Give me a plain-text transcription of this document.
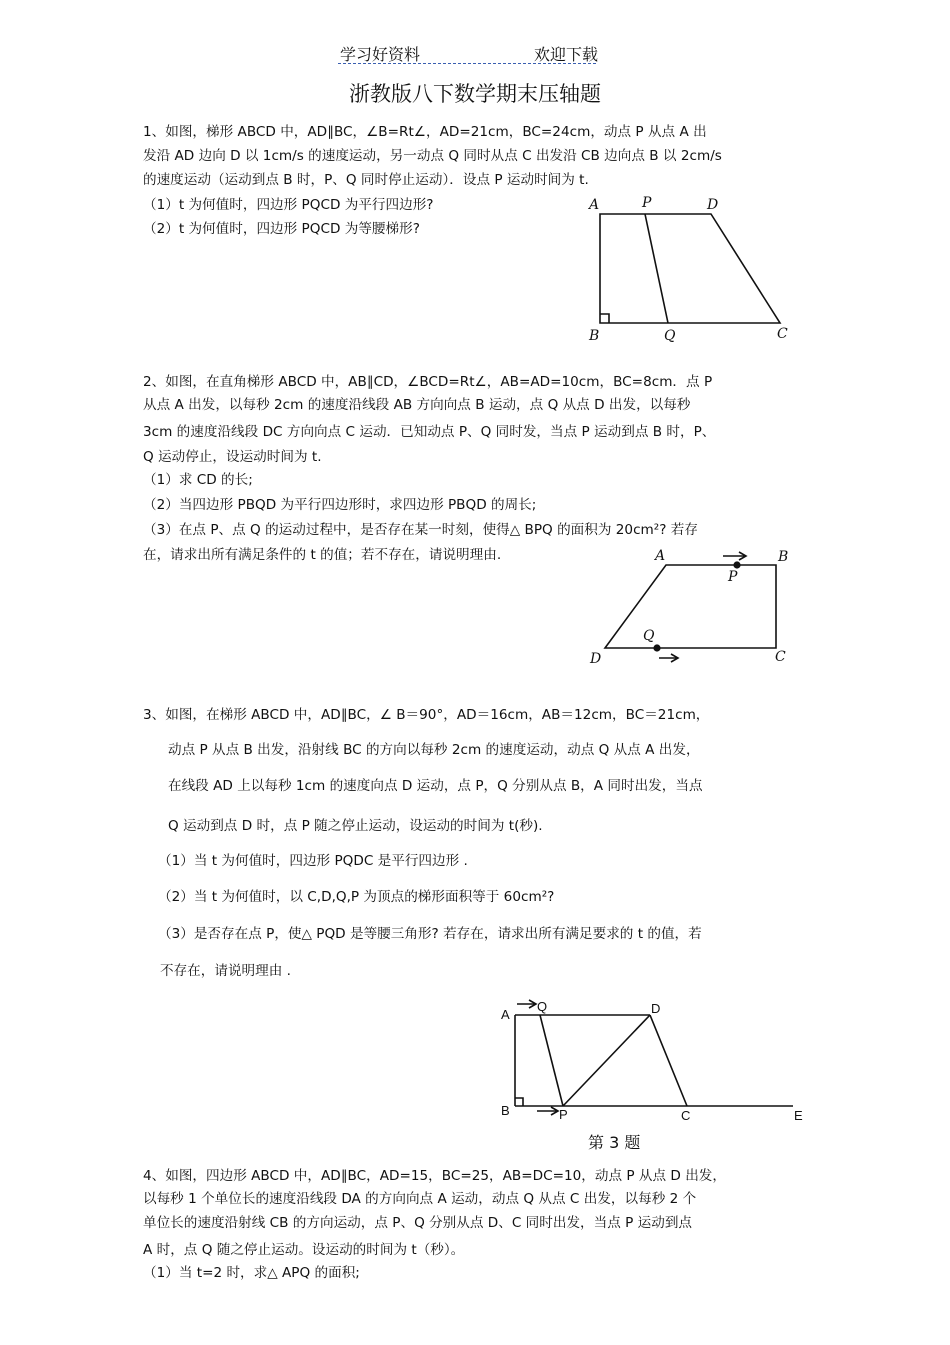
学习好资料	欢迎下载
浙教版八下数学期末压轴题
1、如图，梯形 ABCD 中，AD∥BC，∠B=Rt∠，AD=21cm，BC=24cm，动点 P 从点 A 出
发沿 AD 边向 D 以 1cm/s 的速度运动，另一动点 Q 同时从点 C 出发沿 CB 边向点 B 以 2cm/s
的速度运动（运动到点 B 时，P、Q 同时停止运动）．设点 P 运动时间为 t.
（1）t 为何值时，四边形 PQCD 为平行四边形?
（2）t 为何值时，四边形 PQCD 为等腰梯形?
A	P	D
B	Q	C
2、如图，在直角梯形 ABCD 中，AB∥CD，∠BCD=Rt∠，AB=AD=10cm，BC=8cm．点 P
从点 A 出发，以每秒 2cm 的速度沿线段 AB 方向向点 B 运动，点 Q 从点 D 出发，以每秒
3cm 的速度沿线段 DC 方向向点 C 运动．已知动点 P、Q 同时发，当点 P 运动到点 B 时，P、
Q 运动停止，设运动时间为 t.
（1）求 CD 的长;
（2）当四边形 PBQD 为平行四边形时，求四边形 PBQD 的周长;
（3）在点 P、点 Q 的运动过程中，是否存在某一时刻，使得△ BPQ 的面积为 20cm²? 若存
在，请求出所有满足条件的 t 的值；若不存在，请说明理由.	A	B
P
Q
D	C
3、如图，在梯形 ABCD 中，AD∥BC，∠ B＝90°，AD＝16cm，AB＝12cm，BC＝21cm，
动点 P 从点 B 出发，沿射线 BC 的方向以每秒 2cm 的速度运动，动点 Q 从点 A 出发，
在线段 AD 上以每秒 1cm 的速度向点 D 运动，点 P，Q 分别从点 B，A 同时出发，当点
Q 运动到点 D 时，点 P 随之停止运动，设运动的时间为 t(秒).
（1）当 t 为何值时，四边形 PQDC 是平行四边形 .
（2）当 t 为何值时，以 C,D,Q,P 为顶点的梯形面积等于 60cm²?
（3）是否存在点 P，使△ PQD 是等腰三角形? 若存在，请求出所有满足要求的 t 的值，若
不存在，请说明理由 .
A
Q	D
B	P	C	E
第 3 题
4、如图，四边形 ABCD 中，AD∥BC，AD=15，BC=25，AB=DC=10，动点 P 从点 D 出发，
以每秒 1 个单位长的速度沿线段 DA 的方向向点 A 运动，动点 Q 从点 C 出发，以每秒 2 个
单位长的速度沿射线 CB 的方向运动，点 P、Q 分别从点 D、C 同时出发，当点 P 运动到点
A 时，点 Q 随之停止运动。设运动的时间为 t（秒）。
（1）当 t=2 时，求△ APQ 的面积;
